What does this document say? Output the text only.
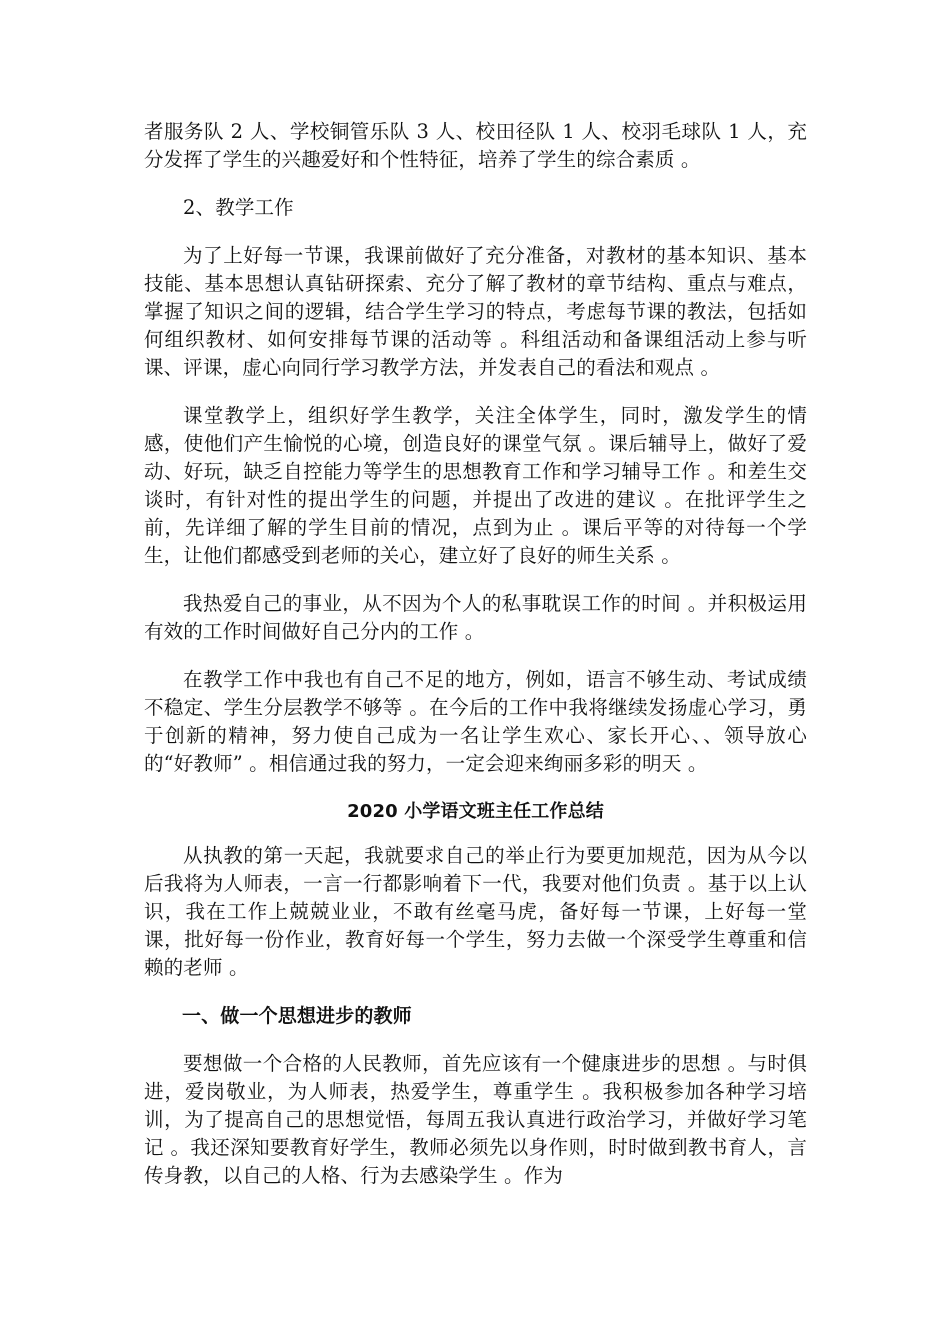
者服务队 2 人、学校铜管乐队 3 人、校田径队 1 人、校羽毛球队 1 人，充分发挥了学生的兴趣爱好和个性特征，培养了学生的综合素质 。

2、教学工作

为了上好每一节课，我课前做好了充分准备，对教材的基本知识、基本技能、基本思想认真钻研探索、充分了解了教材的章节结构、重点与难点，掌握了知识之间的逻辑，结合学生学习的特点，考虑每节课的教法，包括如何组织教材、如何安排每节课的活动等 。科组活动和备课组活动上参与听课、评课，虚心向同行学习教学方法，并发表自己的看法和观点 。

课堂教学上，组织好学生教学，关注全体学生，同时，激发学生的情感，使他们产生愉悦的心境，创造良好的课堂气氛 。课后辅导上，做好了爱动、好玩，缺乏自控能力等学生的思想教育工作和学习辅导工作 。和差生交谈时，有针对性的提出学生的问题，并提出了改进的建议 。在批评学生之前，先详细了解的学生目前的情况，点到为止 。课后平等的对待每一个学生，让他们都感受到老师的关心，建立好了良好的师生关系 。

我热爱自己的事业，从不因为个人的私事耽误工作的时间 。并积极运用有效的工作时间做好自己分内的工作 。

在教学工作中我也有自己不足的地方，例如，语言不够生动、考试成绩不稳定、学生分层教学不够等 。在今后的工作中我将继续发扬虚心学习，勇于创新的精神，努力使自己成为一名让学生欢心、家长开心、、领导放心的“好教师” 。相信通过我的努力，一定会迎来绚丽多彩的明天 。

2020 小学语文班主任工作总结

从执教的第一天起，我就要求自己的举止行为要更加规范，因为从今以后我将为人师表，一言一行都影响着下一代，我要对他们负责 。基于以上认识，我在工作上兢兢业业，不敢有丝毫马虎，备好每一节课，上好每一堂课，批好每一份作业，教育好每一个学生，努力去做一个深受学生尊重和信赖的老师 。

一、做一个思想进步的教师

要想做一个合格的人民教师，首先应该有一个健康进步的思想 。与时俱进，爱岗敬业，为人师表，热爱学生，尊重学生 。我积极参加各种学习培训，为了提高自己的思想觉悟，每周五我认真进行政治学习，并做好学习笔记 。我还深知要教育好学生，教师必须先以身作则，时时做到教书育人，言传身教，以自己的人格、行为去感染学生 。作为
